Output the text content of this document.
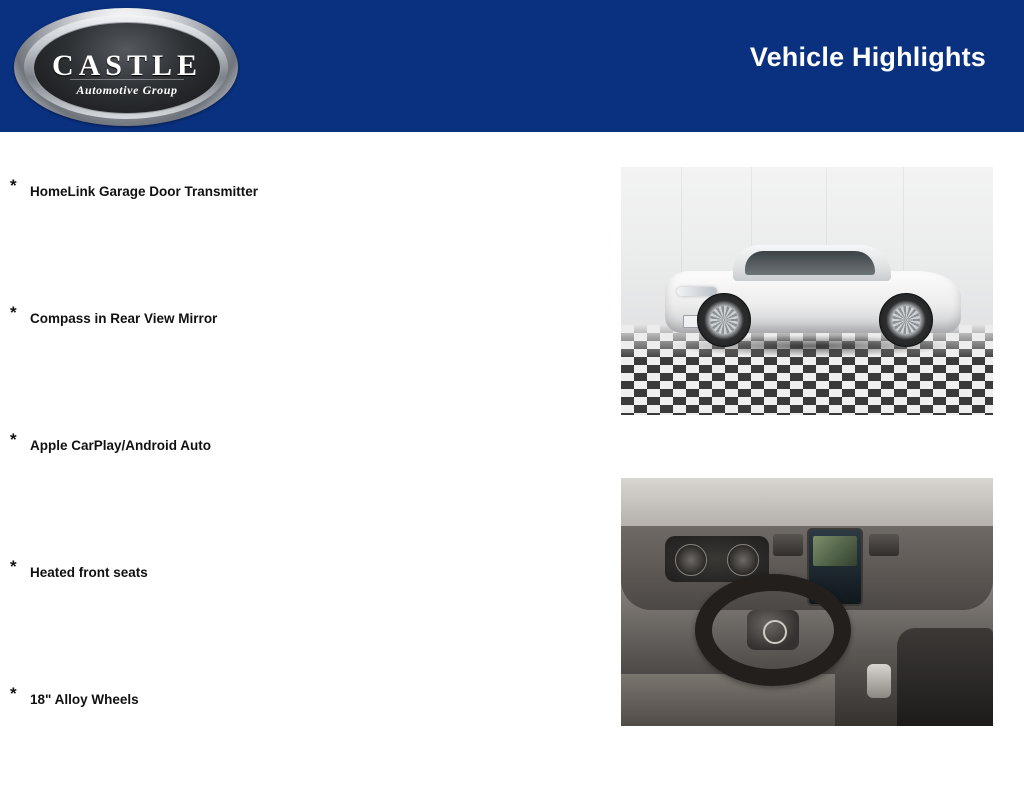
CASTLE
Automotive Group
Vehicle Highlights
* HomeLink Garage Door Transmitter
* Compass in Rear View Mirror
* Apple CarPlay/Android Auto
* Heated front seats
* 18" Alloy Wheels
